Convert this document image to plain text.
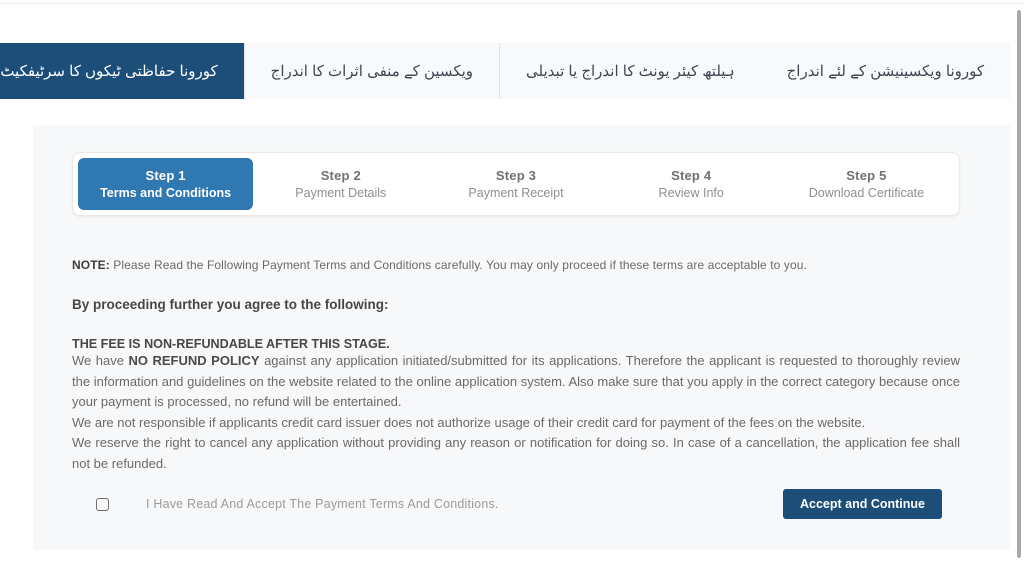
کورونا ویکسینیشن کے لئے اندراج
ہیلتھ کیئر یونٹ کا اندراج یا تبدیلی
ویکسین کے منفی اثرات کا اندراج
کورونا حفاظتی ٹیکوں کا سرٹیفکیٹ
Step 1
Terms and Conditions
Step 2
Payment Details
Step 3
Payment Receipt
Step 4
Review Info
Step 5
Download Certificate

NOTE: Please Read the Following Payment Terms and Conditions carefully. You may only proceed if these terms are acceptable to you.

By proceeding further you agree to the following:
THE FEE IS NON-REFUNDABLE AFTER THIS STAGE.

We have NO REFUND POLICY against any application initiated/submitted for its applications. Therefore the applicant is requested to thoroughly review the information and guidelines on the website related to the online application system. Also make sure that you apply in the correct category because once your payment is processed, no refund will be entertained.

We are not responsible if applicants credit card issuer does not authorize usage of their credit card for payment of the fees on the website.

We reserve the right to cancel any application without providing any reason or notification for doing so. In case of a cancellation, the application fee shall not be refunded.

I Have Read And Accept The Payment Terms And Conditions.	Accept and Continue
